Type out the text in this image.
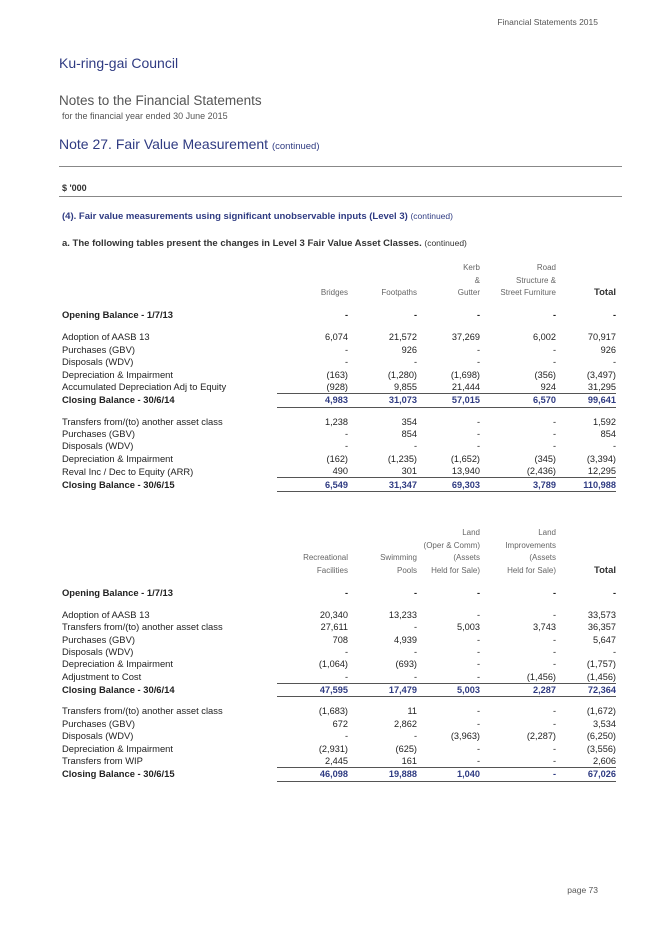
Financial Statements 2015
Ku-ring-gai Council
Notes to the Financial Statements
for the financial year ended 30 June 2015
Note 27. Fair Value Measurement (continued)
$ '000
(4). Fair value measurements using significant unobservable inputs (Level 3) (continued)
a. The following tables present the changes in Level 3 Fair Value Asset Classes. (continued)
			Kerb	Road	
			&	Structure &	
	Bridges	Footpaths	Gutter	Street Furniture	Total

Opening Balance - 1/7/13	-	-	-	-	-

Adoption of AASB 13	6,074	21,572	37,269	6,002	70,917
Purchases (GBV)	-	926	-	-	926
Disposals (WDV)	-	-	-	-	-
Depreciation & Impairment	(163)	(1,280)	(1,698)	(356)	(3,497)
Accumulated Depreciation Adj to Equity	(928)	9,855	21,444	924	31,295
Closing Balance - 30/6/14	4,983	31,073	57,015	6,570	99,641

Transfers from/(to) another asset class	1,238	354	-	-	1,592
Purchases (GBV)	-	854	-	-	854
Disposals (WDV)	-	-	-	-	-
Depreciation & Impairment	(162)	(1,235)	(1,652)	(345)	(3,394)
Reval Inc / Dec to Equity (ARR)	490	301	13,940	(2,436)	12,295
Closing Balance - 30/6/15	6,549	31,347	69,303	3,789	110,988
			Land	Land	
			(Oper & Comm)	Improvements	
	Recreational	Swimming	(Assets	(Assets	
	Facilities	Pools	Held for Sale)	Held for Sale)	Total

Opening Balance - 1/7/13	-	-	-	-	-

Adoption of AASB 13	20,340	13,233	-	-	33,573
Transfers from/(to) another asset class	27,611	-	5,003	3,743	36,357
Purchases (GBV)	708	4,939	-	-	5,647
Disposals (WDV)	-	-	-	-	-
Depreciation & Impairment	(1,064)	(693)	-	-	(1,757)
Adjustment to Cost	-	-	-	(1,456)	(1,456)
Closing Balance - 30/6/14	47,595	17,479	5,003	2,287	72,364

Transfers from/(to) another asset class	(1,683)	11	-	-	(1,672)
Purchases (GBV)	672	2,862	-	-	3,534
Disposals (WDV)	-	-	(3,963)	(2,287)	(6,250)
Depreciation & Impairment	(2,931)	(625)	-	-	(3,556)
Transfers from WIP	2,445	161	-	-	2,606
Closing Balance - 30/6/15	46,098	19,888	1,040	-	67,026
page 73
